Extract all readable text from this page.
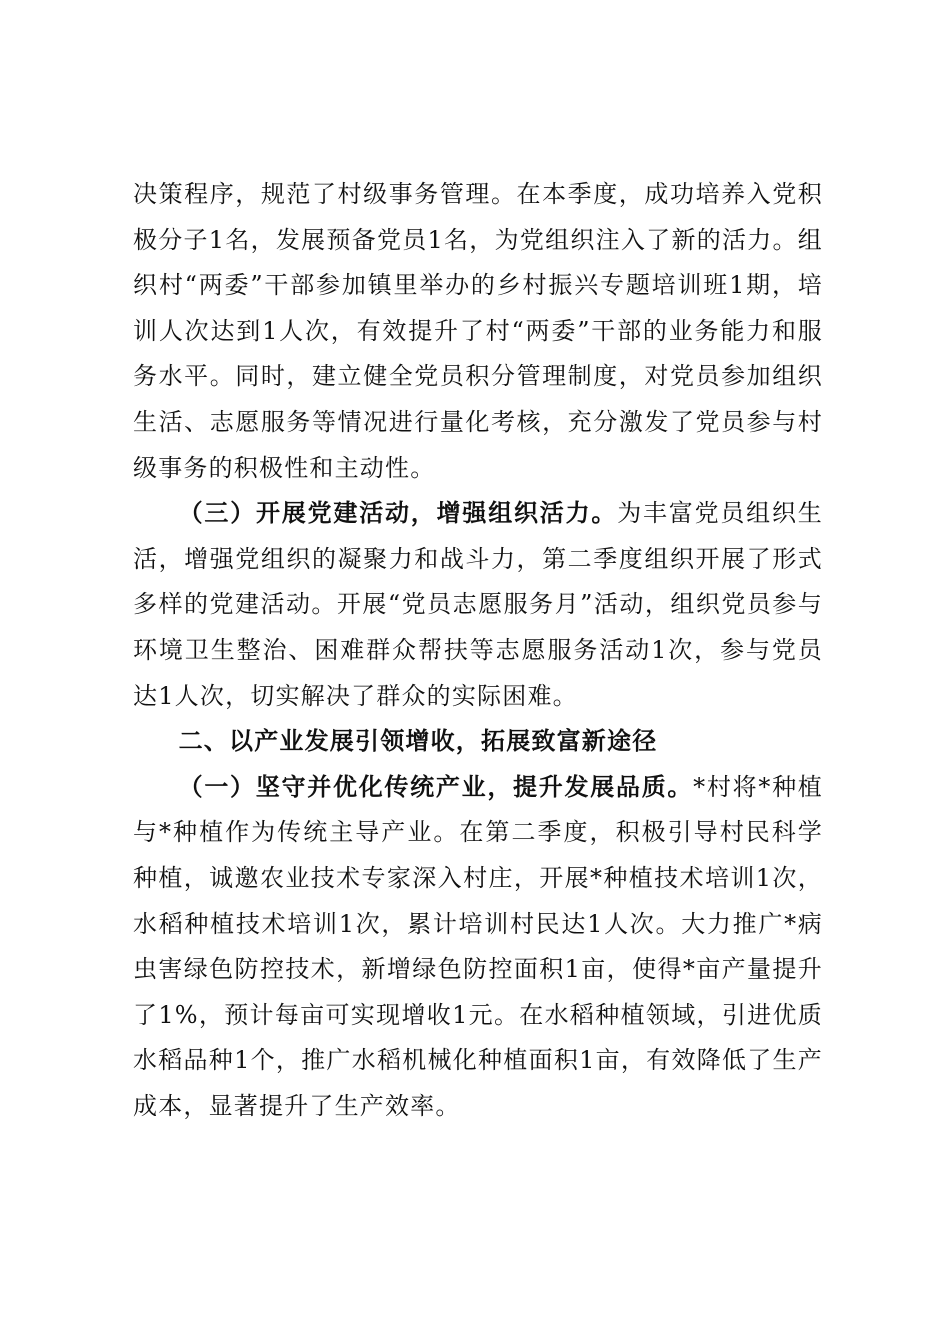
决策程序，规范了村级事务管理。在本季度，成功培养入党积极分子1名，发展预备党员1名，为党组织注入了新的活力。组织村“两委”干部参加镇里举办的乡村振兴专题培训班1期，培训人次达到1人次，有效提升了村“两委”干部的业务能力和服务水平。同时，建立健全党员积分管理制度，对党员参加组织生活、志愿服务等情况进行量化考核，充分激发了党员参与村级事务的积极性和主动性。

（三）开展党建活动，增强组织活力。为丰富党员组织生活，增强党组织的凝聚力和战斗力，第二季度组织开展了形式多样的党建活动。开展“党员志愿服务月”活动，组织党员参与环境卫生整治、困难群众帮扶等志愿服务活动1次，参与党员达1人次，切实解决了群众的实际困难。

二、以产业发展引领增收，拓展致富新途径

（一）坚守并优化传统产业，提升发展品质。*村将*种植与*种植作为传统主导产业。在第二季度，积极引导村民科学种植，诚邀农业技术专家深入村庄，开展*种植技术培训1次，水稻种植技术培训1次，累计培训村民达1人次。大力推广*病虫害绿色防控技术，新增绿色防控面积1亩，使得*亩产量提升了1%，预计每亩可实现增收1元。在水稻种植领域，引进优质水稻品种1个，推广水稻机械化种植面积1亩，有效降低了生产成本，显著提升了生产效率。
